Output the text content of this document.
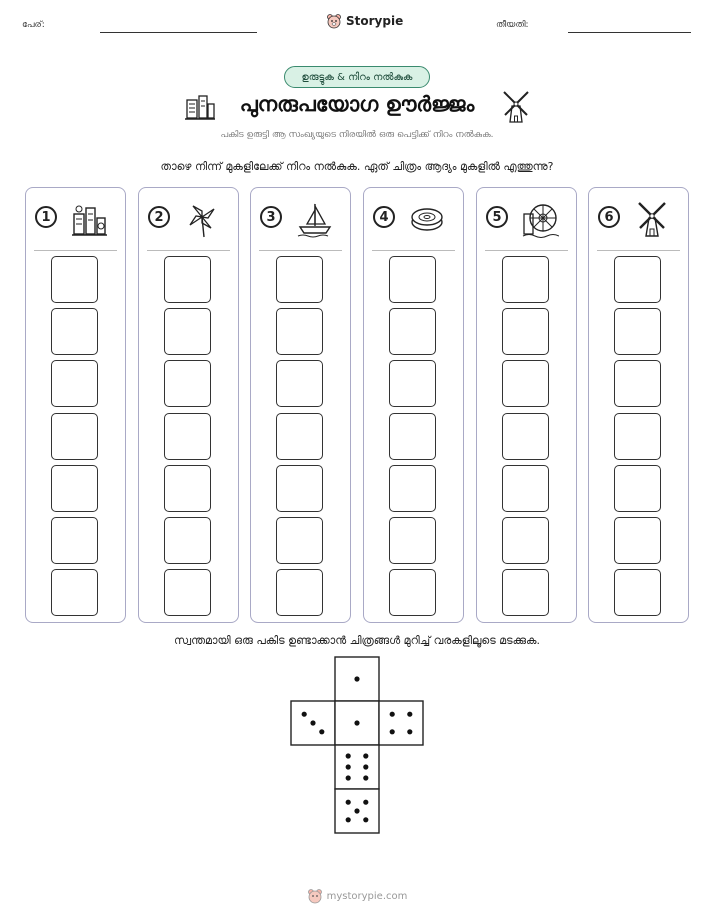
പേര്:	Storypie	തീയതി:
ഉരുട്ടുക & നിറം നൽകുക
പുനരുപയോഗ ഊർജ്ജം
പകിട ഉരുട്ടി ആ സംഖ്യയുടെ നിരയിൽ ഒരു പെട്ടിക്ക് നിറം നൽകുക.
താഴെ നിന്ന് മുകളിലേക്ക് നിറം നൽകുക. ഏത് ചിത്രം ആദ്യം മുകളിൽ എത്തുന്നു?
1	2	3	4	5	6
സ്വന്തമായി ഒരു പകിട ഉണ്ടാക്കാൻ ചിത്രങ്ങൾ മുറിച്ച് വരകളിലൂടെ മടക്കുക.
mystorypie.com
